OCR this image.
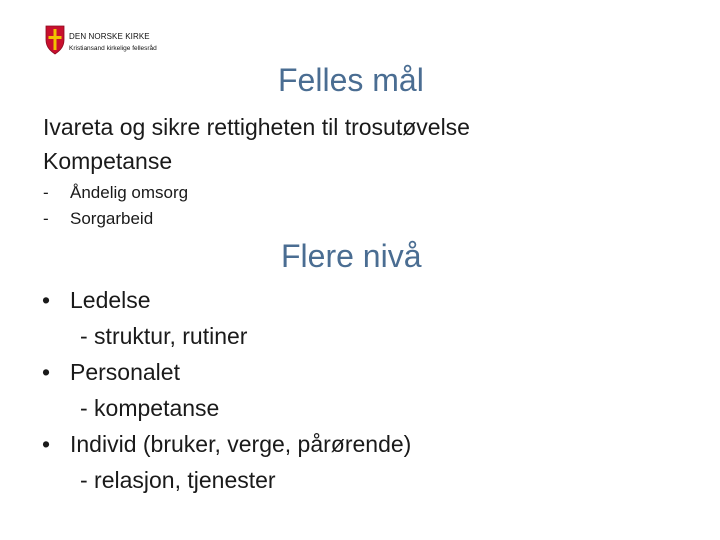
DEN NORSKE KIRKE
Kristiansand kirkelige fellesråd
Felles mål
Ivareta og sikre rettigheten til trosutøvelse
Kompetanse
- Åndelig omsorg
- Sorgarbeid
Flere nivå
• Ledelse
- struktur, rutiner
• Personalet
- kompetanse
• Individ (bruker, verge, pårørende)
- relasjon, tjenester
